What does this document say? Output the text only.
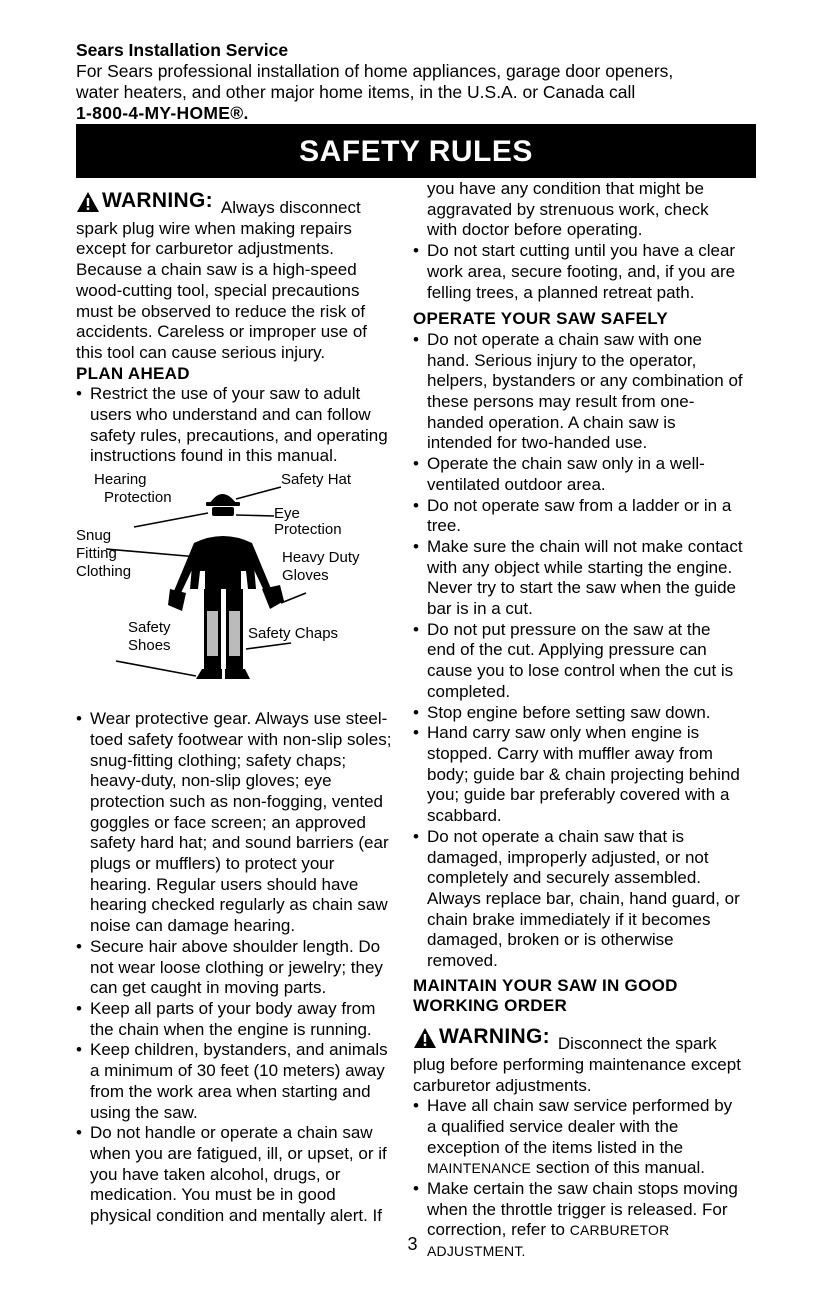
Sears Installation Service
For Sears professional installation of home appliances, garage door openers,
water heaters, and other major home items, in the U.S.A. or Canada call
1-800-4-MY-HOME®.
SAFETY RULES

WARNING: Always disconnect spark plug wire when making repairs except for carburetor adjustments. Because a chain saw is a high-speed wood-cutting tool, special precautions must be observed to reduce the risk of accidents. Careless or improper use of this tool can cause serious injury.

PLAN AHEAD
• Restrict the use of your saw to adult users who understand and can follow safety rules, precautions, and operating instructions found in this manual.
Hearing
Protection
Safety Hat
Eye
Protection
Snug
Fitting
Clothing
Heavy Duty
Gloves
Safety
Shoes
Safety Chaps
• Wear protective gear. Always use steel-toed safety footwear with non-slip soles; snug-fitting clothing; safety chaps; heavy-duty, non-slip gloves; eye protection such as non-fogging, vented goggles or face screen; an approved safety hard hat; and sound barriers (ear plugs or mufflers) to protect your hearing. Regular users should have hearing checked regularly as chain saw noise can damage hearing.
• Secure hair above shoulder length. Do not wear loose clothing or jewelry; they can get caught in moving parts.
• Keep all parts of your body away from the chain when the engine is running.
• Keep children, bystanders, and animals a minimum of 30 feet (10 meters) away from the work area when starting and using the saw.
• Do not handle or operate a chain saw when you are fatigued, ill, or upset, or if you have taken alcohol, drugs, or medication. You must be in good physical condition and mentally alert. If

you have any condition that might be aggravated by strenuous work, check with doctor before operating.

• Do not start cutting until you have a clear work area, secure footing, and, if you are felling trees, a planned retreat path.
OPERATE YOUR SAW SAFELY
• Do not operate a chain saw with one hand. Serious injury to the operator, helpers, bystanders or any combination of these persons may result from one-handed operation. A chain saw is intended for two-handed use.
• Operate the chain saw only in a well-ventilated outdoor area.
• Do not operate saw from a ladder or in a tree.
• Make sure the chain will not make contact with any object while starting the engine. Never try to start the saw when the guide bar is in a cut.
• Do not put pressure on the saw at the end of the cut. Applying pressure can cause you to lose control when the cut is completed.
• Stop engine before setting saw down.
• Hand carry saw only when engine is stopped. Carry with muffler away from body; guide bar & chain projecting behind you; guide bar preferably covered with a scabbard.
• Do not operate a chain saw that is damaged, improperly adjusted, or not completely and securely assembled. Always replace bar, chain, hand guard, or chain brake immediately if it becomes damaged, broken or is otherwise removed.
MAINTAIN YOUR SAW IN GOOD
WORKING ORDER

WARNING: Disconnect the spark plug before performing maintenance except carburetor adjustments.

• Have all chain saw service performed by a qualified service dealer with the exception of the items listed in the MAINTENANCE section of this manual.
• Make certain the saw chain stops moving when the throttle trigger is released. For correction, refer to CARBURETOR ADJUSTMENT.
3
